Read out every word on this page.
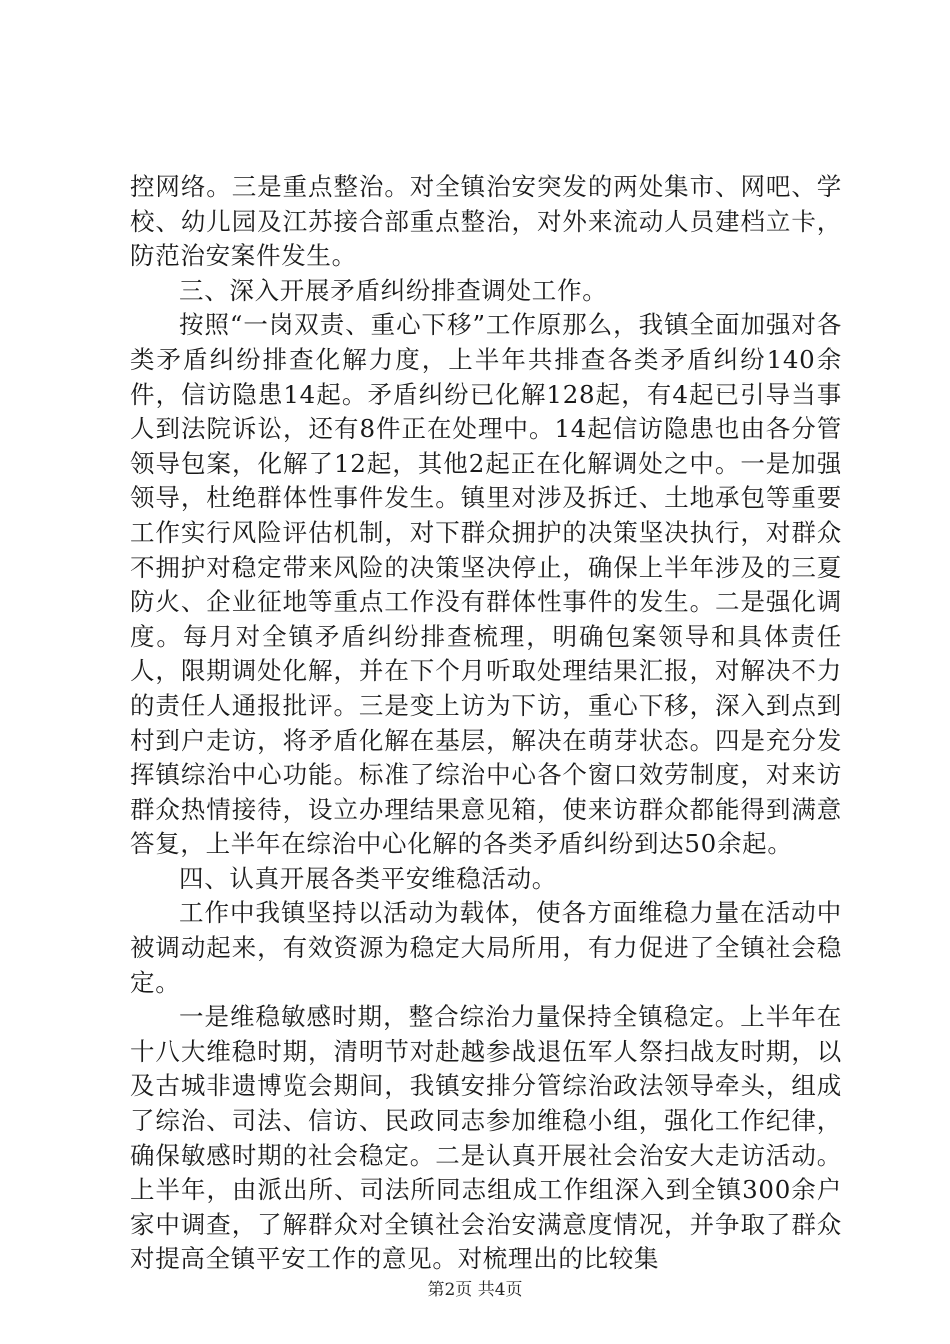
控网络。三是重点整治。对全镇治安突发的两处集市、网吧、学校、幼儿园及江苏接合部重点整治，对外来流动人员建档立卡，防范治安案件发生。

三、深入开展矛盾纠纷排查调处工作。

按照“一岗双责、重心下移”工作原那么，我镇全面加强对各类矛盾纠纷排查化解力度，上半年共排查各类矛盾纠纷140余件，信访隐患14起。矛盾纠纷已化解128起，有4起已引导当事人到法院诉讼，还有8件正在处理中。14起信访隐患也由各分管领导包案，化解了12起，其他2起正在化解调处之中。一是加强领导，杜绝群体性事件发生。镇里对涉及拆迁、土地承包等重要工作实行风险评估机制，对下群众拥护的决策坚决执行，对群众不拥护对稳定带来风险的决策坚决停止，确保上半年涉及的三夏防火、企业征地等重点工作没有群体性事件的发生。二是强化调度。每月对全镇矛盾纠纷排查梳理，明确包案领导和具体责任人，限期调处化解，并在下个月听取处理结果汇报，对解决不力的责任人通报批评。三是变上访为下访，重心下移，深入到点到村到户走访，将矛盾化解在基层，解决在萌芽状态。四是充分发挥镇综治中心功能。标准了综治中心各个窗口效劳制度，对来访群众热情接待，设立办理结果意见箱，使来访群众都能得到满意答复，上半年在综治中心化解的各类矛盾纠纷到达50余起。

四、认真开展各类平安维稳活动。

工作中我镇坚持以活动为载体，使各方面维稳力量在活动中被调动起来，有效资源为稳定大局所用，有力促进了全镇社会稳定。

一是维稳敏感时期，整合综治力量保持全镇稳定。上半年在十八大维稳时期，清明节对赴越参战退伍军人祭扫战友时期，以及古城非遗博览会期间，我镇安排分管综治政法领导牵头，组成了综治、司法、信访、民政同志参加维稳小组，强化工作纪律，确保敏感时期的社会稳定。二是认真开展社会治安大走访活动。上半年，由派出所、司法所同志组成工作组深入到全镇300余户家中调查，了解群众对全镇社会治安满意度情况，并争取了群众对提高全镇平安工作的意见。对梳理出的比较集

第2页 共4页
